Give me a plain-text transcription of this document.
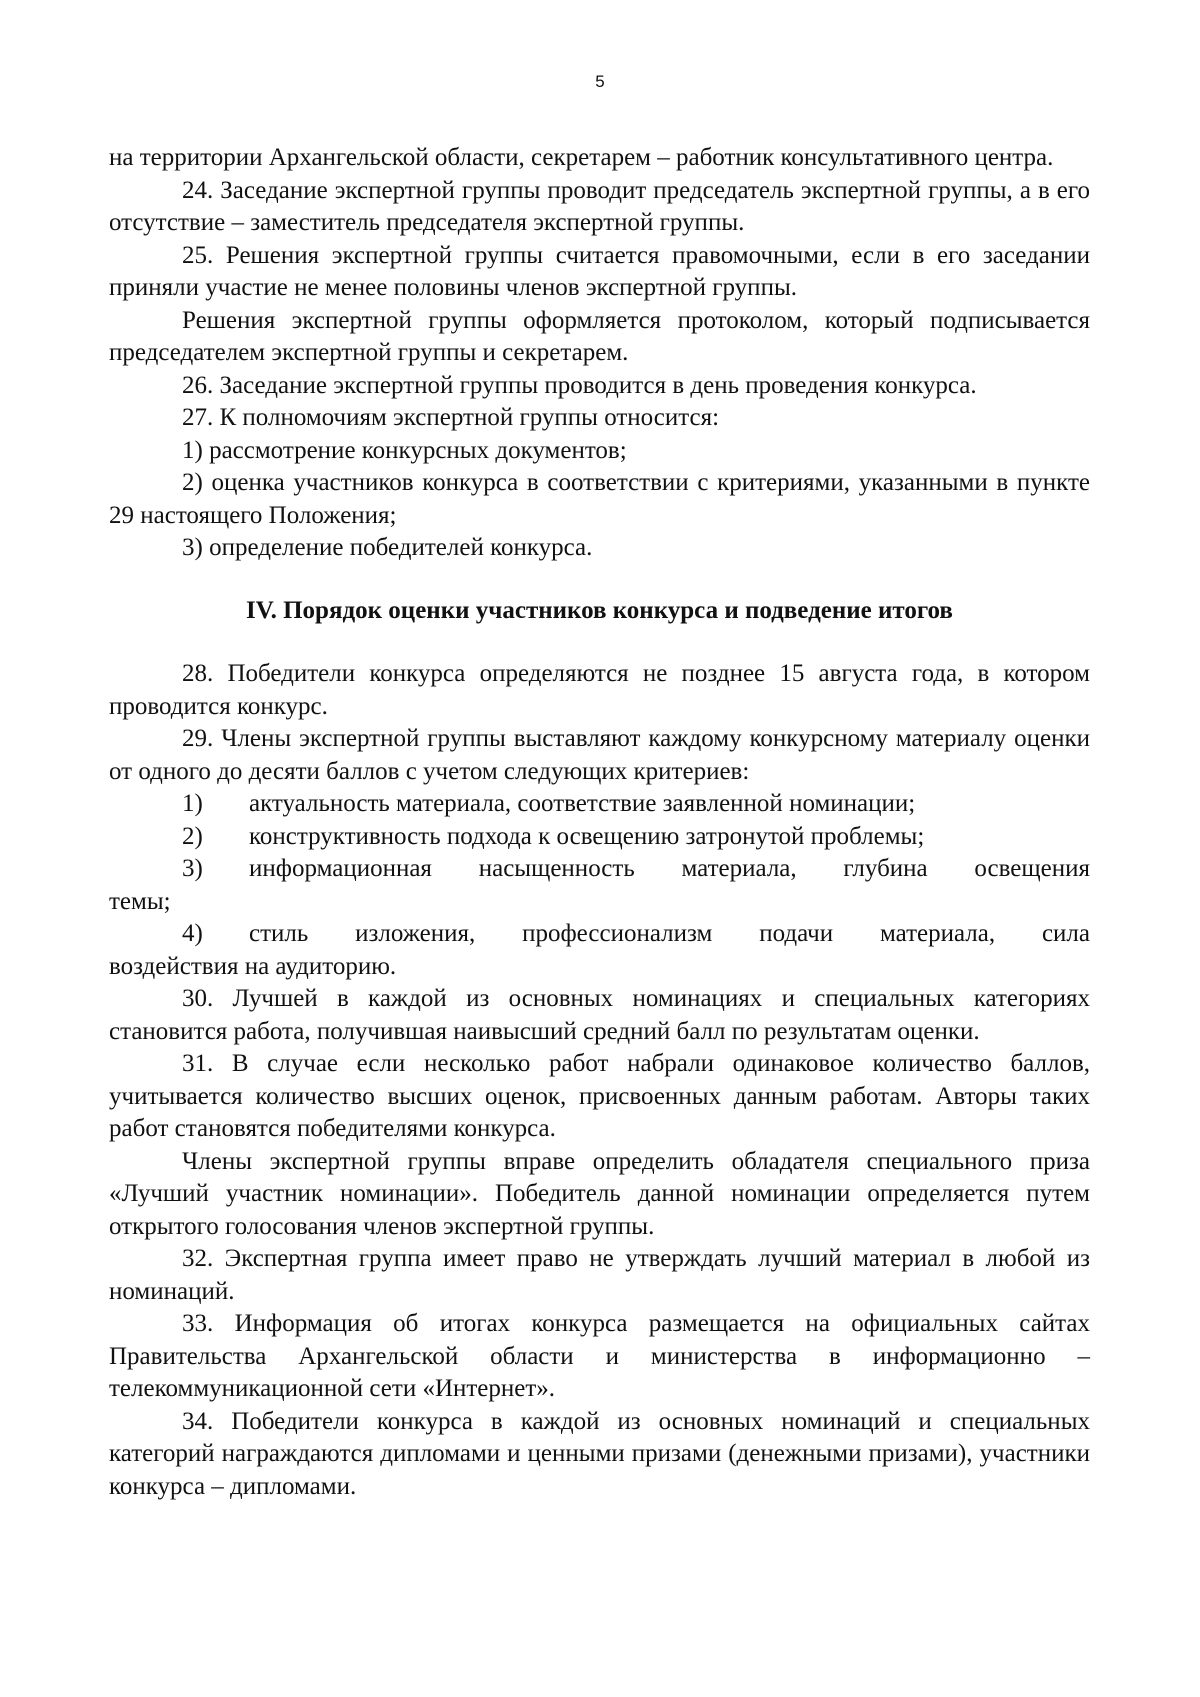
5

на территории Архангельской области, секретарем – работник консультативного центра.

24. Заседание экспертной группы проводит председатель экспертной группы, а в его отсутствие – заместитель председателя экспертной группы.

25. Решения экспертной группы считается правомочными, если в его заседании приняли участие не менее половины членов экспертной группы.

Решения экспертной группы оформляется протоколом, который подписывается председателем экспертной группы и секретарем.

26. Заседание экспертной группы проводится в день проведения конкурса.

27. К полномочиям экспертной группы относится:

1) рассмотрение конкурсных документов;

2) оценка участников конкурса в соответствии с критериями, указанными в пункте 29 настоящего Положения;

3) определение победителей конкурса.

IV. Порядок оценки участников конкурса и подведение итогов

28. Победители конкурса определяются не позднее 15 августа года, в котором проводится конкурс.

29. Члены экспертной группы выставляют каждому конкурсному материалу оценки от одного до десяти баллов с учетом следующих критериев:

1)	актуальность материала, соответствие заявленной номинации;
2)	конструктивность подхода к освещению затронутой проблемы;
3)	информационная насыщенность материала, глубина освещения
темы;
4)	стиль изложения, профессионализм подачи материала, сила
воздействия на аудиторию.

30. Лучшей в каждой из основных номинациях и специальных категориях становится работа, получившая наивысший средний балл по результатам оценки.

31. В случае если несколько работ набрали одинаковое количество баллов, учитывается количество высших оценок, присвоенных данным работам. Авторы таких работ становятся победителями конкурса.

Члены экспертной группы вправе определить обладателя специального приза «Лучший участник номинации». Победитель данной номинации определяется путем открытого голосования членов экспертной группы.

32. Экспертная группа имеет право не утверждать лучший материал в любой из номинаций.

33. Информация об итогах конкурса размещается на официальных сайтах Правительства Архангельской области и министерства в информационно – телекоммуникационной сети «Интернет».

34. Победители конкурса в каждой из основных номинаций и специальных категорий награждаются дипломами и ценными призами (денежными призами), участники конкурса – дипломами.
